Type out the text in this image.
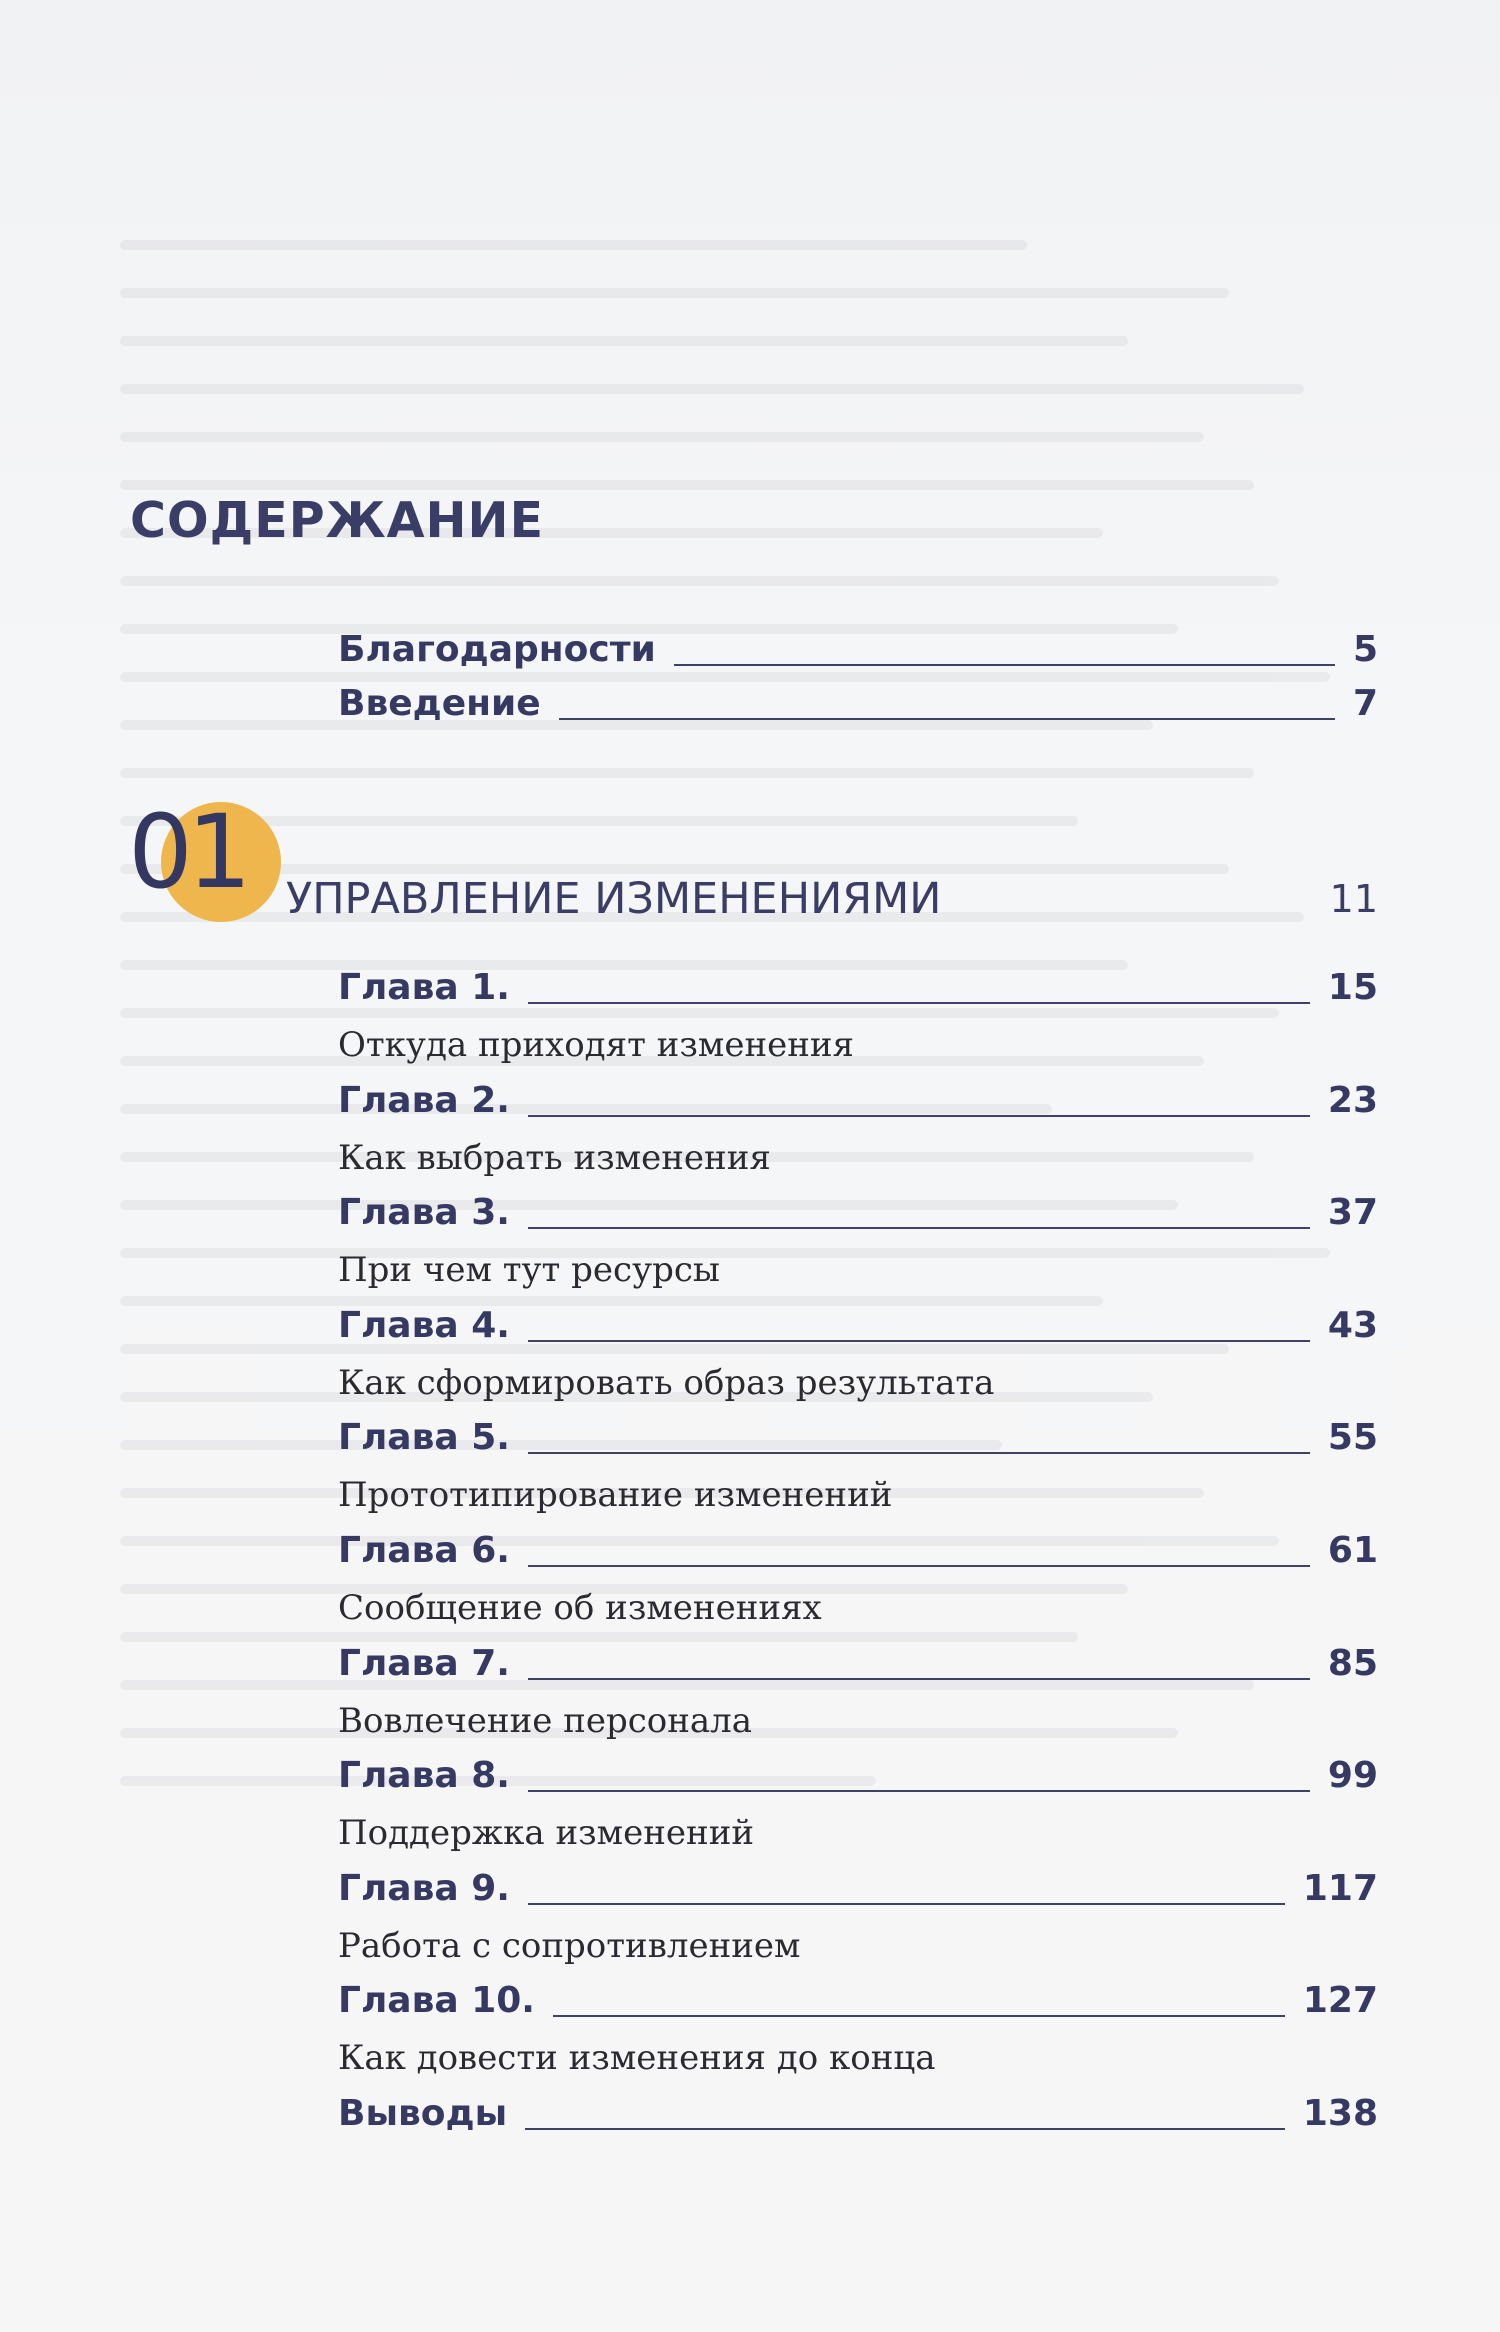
СОДЕРЖАНИЕ
Благодарности	5
Введение	7
01 УПРАВЛЕНИЕ ИЗМЕНЕНИЯМИ	11
Глава 1.	15
Откуда приходят изменения
Глава 2.	23
Как выбрать изменения
Глава 3.	37
При чем тут ресурсы
Глава 4.	43
Как сформировать образ результата
Глава 5.	55
Прототипирование изменений
Глава 6.	61
Сообщение об изменениях
Глава 7.	85
Вовлечение персонала
Глава 8.	99
Поддержка изменений
Глава 9.	117
Работа с сопротивлением
Глава 10.	127
Как довести изменения до конца
Выводы	138
